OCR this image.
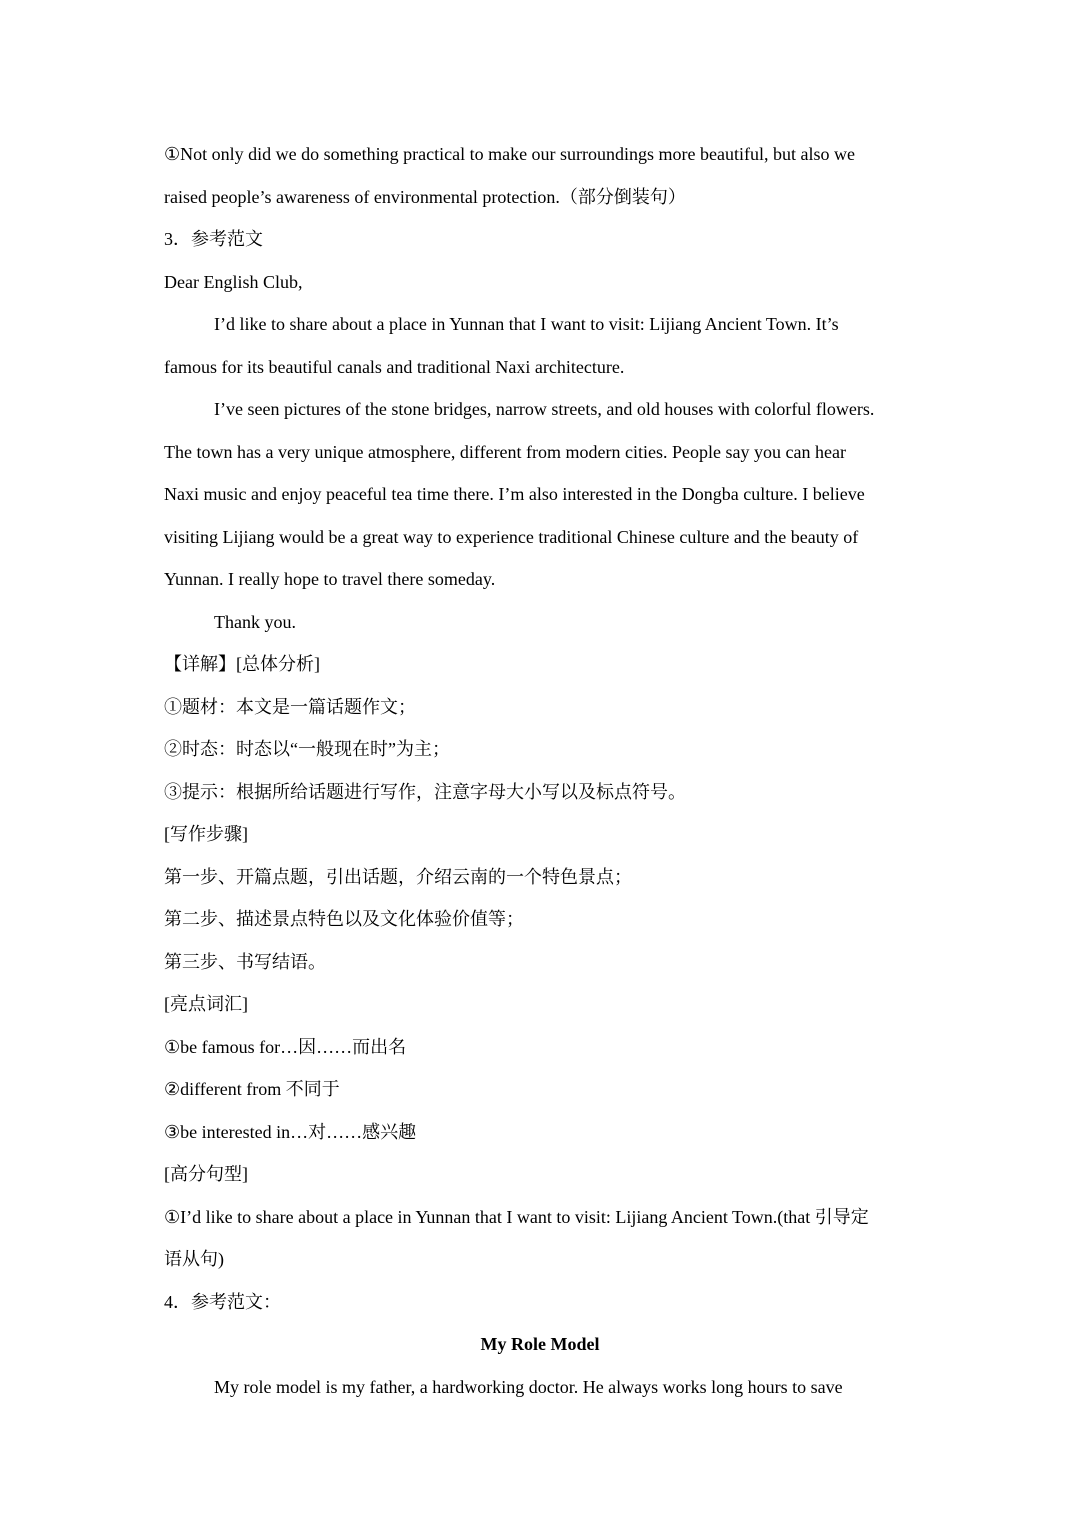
①Not only did we do something practical to make our surroundings more beautiful, but also we
raised people’s awareness of environmental protection.（部分倒装句）
3．参考范文
Dear English Club,
I’d like to share about a place in Yunnan that I want to visit: Lijiang Ancient Town. It’s
famous for its beautiful canals and traditional Naxi architecture.
I’ve seen pictures of the stone bridges, narrow streets, and old houses with colorful flowers.
The town has a very unique atmosphere, different from modern cities. People say you can hear
Naxi music and enjoy peaceful tea time there. I’m also interested in the Dongba culture. I believe
visiting Lijiang would be a great way to experience traditional Chinese culture and the beauty of
Yunnan. I really hope to travel there someday.
Thank you.
【详解】[总体分析]
①题材：本文是一篇话题作文；
②时态：时态以“一般现在时”为主；
③提示：根据所给话题进行写作，注意字母大小写以及标点符号。
[写作步骤]
第一步、开篇点题，引出话题，介绍云南的一个特色景点；
第二步、描述景点特色以及文化体验价值等；
第三步、书写结语。
[亮点词汇]
①be famous for…因……而出名
②different from 不同于
③be interested in…对……感兴趣
[高分句型]
①I’d like to share about a place in Yunnan that I want to visit: Lijiang Ancient Town.(that 引导定
语从句)
4．参考范文：
My Role Model
My role model is my father, a hardworking doctor. He always works long hours to save
